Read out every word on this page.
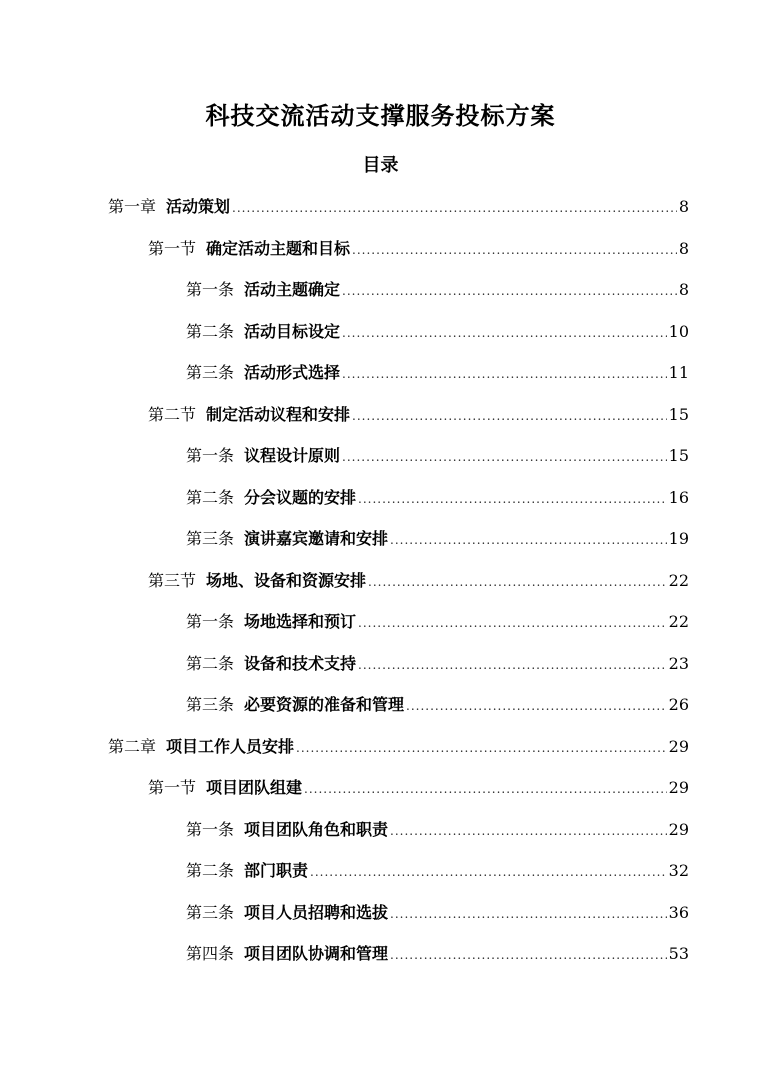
科技交流活动支撑服务投标方案
目录
第一章 活动策划 .....	8
第一节 确定活动主题和目标 .....	8
第一条 活动主题确定 .....	8
第二条 活动目标设定 .....	10
第三条 活动形式选择 .....	11
第二节 制定活动议程和安排 .....	15
第一条 议程设计原则 .....	15
第二条 分会议题的安排 .....	16
第三条 演讲嘉宾邀请和安排 .....	19
第三节 场地、设备和资源安排 .....	22
第一条 场地选择和预订 .....	22
第二条 设备和技术支持 .....	23
第三条 必要资源的准备和管理 .....	26
第二章 项目工作人员安排 .....	29
第一节 项目团队组建 .....	29
第一条 项目团队角色和职责 .....	29
第二条 部门职责 .....	32
第三条 项目人员招聘和选拔 .....	36
第四条 项目团队协调和管理 .....	53
